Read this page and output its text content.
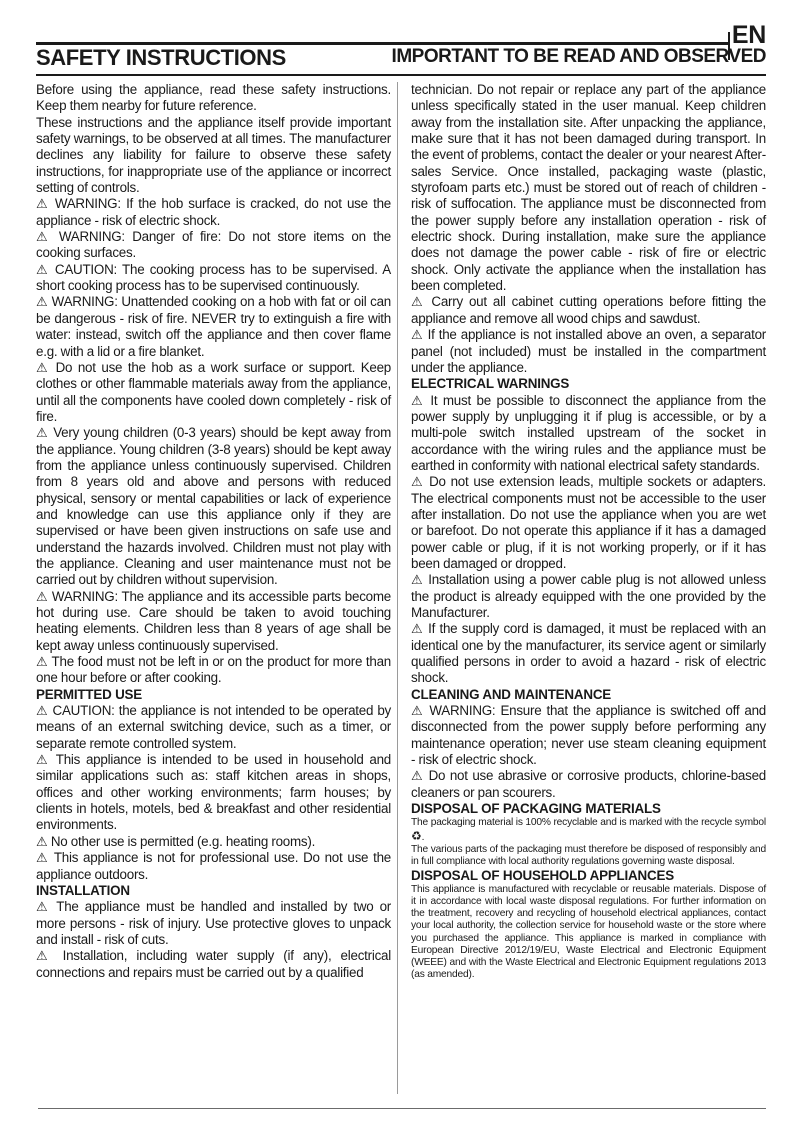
EN
SAFETY INSTRUCTIONS	IMPORTANT TO BE READ AND OBSERVED

Before using the appliance, read these safety instructions. Keep them nearby for future reference.

These instructions and the appliance itself provide important safety warnings, to be observed at all times. The manufacturer declines any liability for failure to observe these safety instructions, for inappropriate use of the appliance or incorrect setting of controls.

⚠ WARNING: If the hob surface is cracked, do not use the appliance - risk of electric shock.

⚠ WARNING: Danger of fire: Do not store items on the cooking surfaces.

⚠ CAUTION: The cooking process has to be supervised. A short cooking process has to be supervised continuously.

⚠ WARNING: Unattended cooking on a hob with fat or oil can be dangerous - risk of fire. NEVER try to extinguish a fire with water: instead, switch off the appliance and then cover flame e.g. with a lid or a fire blanket.

⚠ Do not use the hob as a work surface or support. Keep clothes or other flammable materials away from the appliance, until all the components have cooled down completely - risk of fire.

⚠ Very young children (0-3 years) should be kept away from the appliance. Young children (3-8 years) should be kept away from the appliance unless continuously supervised. Children from 8 years old and above and persons with reduced physical, sensory or mental capabilities or lack of experience and knowledge can use this appliance only if they are supervised or have been given instructions on safe use and understand the hazards involved. Children must not play with the appliance. Cleaning and user maintenance must not be carried out by children without supervision.

⚠ WARNING: The appliance and its accessible parts become hot during use. Care should be taken to avoid touching heating elements. Children less than 8 years of age shall be kept away unless continuously supervised.

⚠ The food must not be left in or on the product for more than one hour before or after cooking.

PERMITTED USE

⚠ CAUTION: the appliance is not intended to be operated by means of an external switching device, such as a timer, or separate remote controlled system.

⚠ This appliance is intended to be used in household and similar applications such as: staff kitchen areas in shops, offices and other working environments; farm houses; by clients in hotels, motels, bed & breakfast and other residential environments.

⚠ No other use is permitted (e.g. heating rooms).

⚠ This appliance is not for professional use. Do not use the appliance outdoors.

INSTALLATION

⚠ The appliance must be handled and installed by two or more persons - risk of injury. Use protective gloves to unpack and install - risk of cuts.

⚠ Installation, including water supply (if any), electrical connections and repairs must be carried out by a qualified

technician. Do not repair or replace any part of the appliance unless specifically stated in the user manual. Keep children away from the installation site. After unpacking the appliance, make sure that it has not been damaged during transport. In the event of problems, contact the dealer or your nearest After-sales Service. Once installed, packaging waste (plastic, styrofoam parts etc.) must be stored out of reach of children - risk of suffocation. The appliance must be disconnected from the power supply before any installation operation - risk of electric shock. During installation, make sure the appliance does not damage the power cable - risk of fire or electric shock. Only activate the appliance when the installation has been completed.

⚠ Carry out all cabinet cutting operations before fitting the appliance and remove all wood chips and sawdust.

⚠ If the appliance is not installed above an oven, a separator panel (not included) must be installed in the compartment under the appliance.

ELECTRICAL WARNINGS

⚠ It must be possible to disconnect the appliance from the power supply by unplugging it if plug is accessible, or by a multi-pole switch installed upstream of the socket in accordance with the wiring rules and the appliance must be earthed in conformity with national electrical safety standards.

⚠ Do not use extension leads, multiple sockets or adapters. The electrical components must not be accessible to the user after installation. Do not use the appliance when you are wet or barefoot. Do not operate this appliance if it has a damaged power cable or plug, if it is not working properly, or if it has been damaged or dropped.

⚠ Installation using a power cable plug is not allowed unless the product is already equipped with the one provided by the Manufacturer.

⚠ If the supply cord is damaged, it must be replaced with an identical one by the manufacturer, its service agent or similarly qualified persons in order to avoid a hazard - risk of electric shock.

CLEANING AND MAINTENANCE

⚠ WARNING: Ensure that the appliance is switched off and disconnected from the power supply before performing any maintenance operation; never use steam cleaning equipment - risk of electric shock.

⚠ Do not use abrasive or corrosive products, chlorine-based cleaners or pan scourers.

DISPOSAL OF PACKAGING MATERIALS

The packaging material is 100% recyclable and is marked with the recycle symbol ♻.

The various parts of the packaging must therefore be disposed of responsibly and in full compliance with local authority regulations governing waste disposal.

DISPOSAL OF HOUSEHOLD APPLIANCES

This appliance is manufactured with recyclable or reusable materials. Dispose of it in accordance with local waste disposal regulations. For further information on the treatment, recovery and recycling of household electrical appliances, contact your local authority, the collection service for household waste or the store where you purchased the appliance. This appliance is marked in compliance with European Directive 2012/19/EU, Waste Electrical and Electronic Equipment (WEEE) and with the Waste Electrical and Electronic Equipment regulations 2013 (as amended).
